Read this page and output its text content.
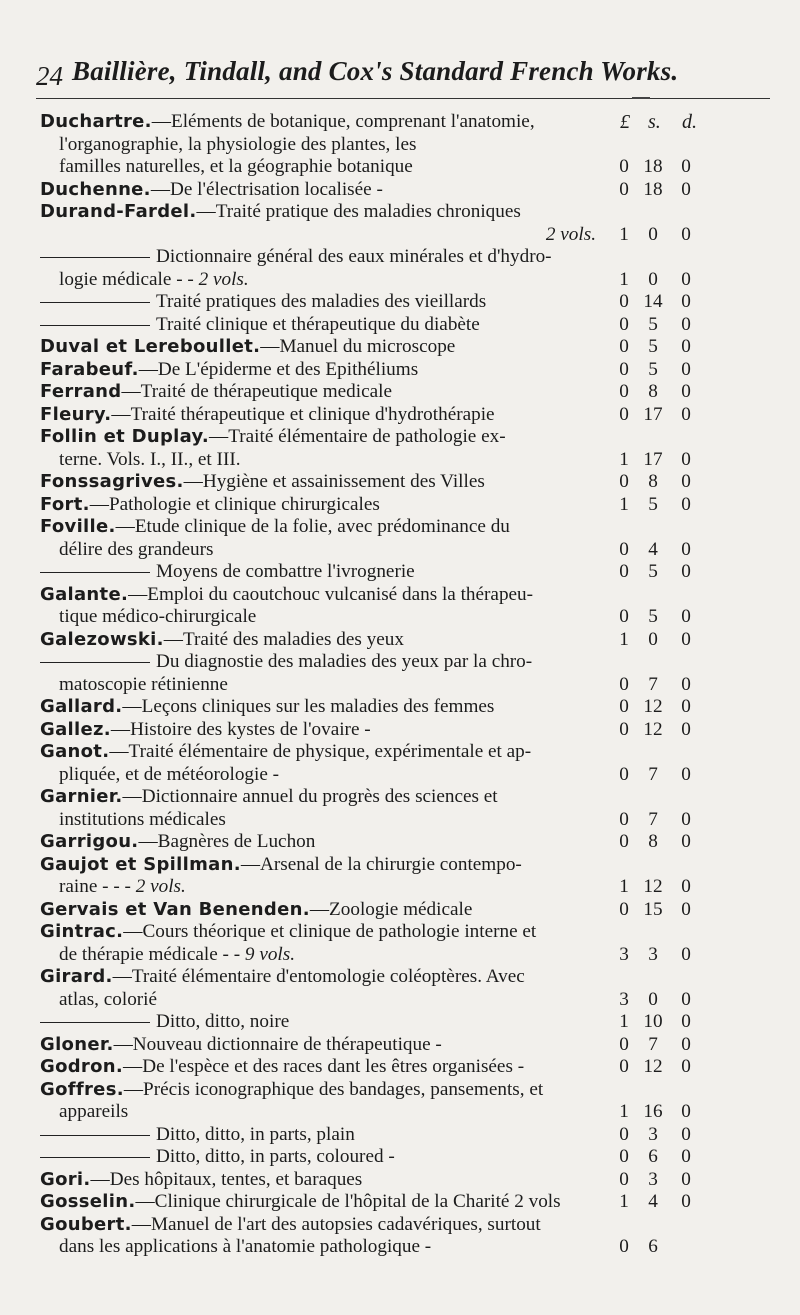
24 Baillière, Tindall, and Cox's Standard French Works.
£ s. d.
Duchartre.—Eléments de botanique, comprenant l'anatomie,
l'organographie, la physiologie des plantes, les
familles naturelles, et la géographie botanique	0 18 0
Duchenne.—De l'électrisation localisée -	0 18 0
Durand-Fardel.—Traité pratique des maladies chroniques
2 vols. 1	0	0
Dictionnaire général des eaux minérales et d'hydro-
logie médicale - - 2 vols.	1	0	0
Traité pratiques des maladies des vieillards	0 14 0
Traité clinique et thérapeutique du diabète	0	5	0
Duval et Lereboullet.—Manuel du microscope	0	5	0
Farabeuf.—De L'épiderme et des Epithéliums	0	5	0
Ferrand—Traité de thérapeutique medicale	0	8	0
Fleury.—Traité thérapeutique et clinique d'hydrothérapie	0 17 0
Follin et Duplay.—Traité élémentaire de pathologie ex-
terne. Vols. I., II., et III.	1 17 0
Fonssagrives.—Hygiène et assainissement des Villes	0	8	0
Fort.—Pathologie et clinique chirurgicales	1	5	0
Foville.—Etude clinique de la folie, avec prédominance du
délire des grandeurs	0	4	0
Moyens de combattre l'ivrognerie	0	5	0
Galante.—Emploi du caoutchouc vulcanisé dans la thérapeu-
tique médico-chirurgicale	0	5	0
Galezowski.—Traité des maladies des yeux	1	0	0
Du diagnostie des maladies des yeux par la chro-
matoscopie rétinienne	0	7	0
Gallard.—Leçons cliniques sur les maladies des femmes	0 12 0
Gallez.—Histoire des kystes de l'ovaire -	0 12 0
Ganot.—Traité élémentaire de physique, expérimentale et ap-
pliquée, et de météorologie -	0	7	0
Garnier.—Dictionnaire annuel du progrès des sciences et
institutions médicales	0	7	0
Garrigou.—Bagnères de Luchon	0	8	0
Gaujot et Spillman.—Arsenal de la chirurgie contempo-
raine - - - 2 vols.	1 12 0
Gervais et Van Benenden.—Zoologie médicale	0 15 0
Gintrac.—Cours théorique et clinique de pathologie interne et
de thérapie médicale - - 9 vols.	3	3	0
Girard.—Traité élémentaire d'entomologie coléoptères. Avec
atlas, colorié	3	0	0
Ditto, ditto, noire	1 10 0
Gloner.—Nouveau dictionnaire de thérapeutique -	0	7	0
Godron.—De l'espèce et des races dant les êtres organisées -	0 12 0
Goffres.—Précis iconographique des bandages, pansements, et
appareils	1 16 0
Ditto, ditto, in parts, plain	0	3	0
Ditto, ditto, in parts, coloured -	0	6	0
Gori.—Des hôpitaux, tentes, et baraques	0	3	0
Gosselin.—Clinique chirurgicale de l'hôpital de la Charité 2 vols	1	4	0
Goubert.—Manuel de l'art des autopsies cadavériques, surtout
dans les applications à l'anatomie pathologique -	0	6
